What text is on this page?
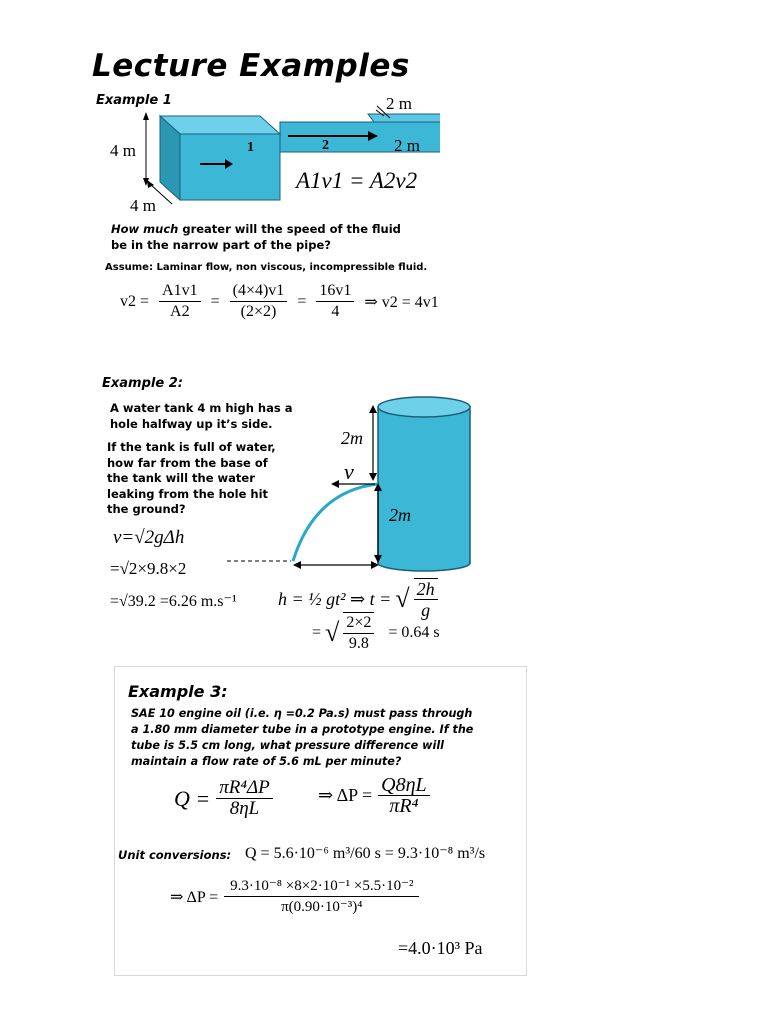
Lecture Examples
Example 1	2 m
2 m
4 m
4 m
1	2
A1v1 = A2v2
How much greater will the speed of the fluid
be in the narrow part of the pipe?
Assume: Laminar flow, non viscous, incompressible fluid.
$v2 = \frac{A1v1}{A2} = \frac{(4\times 4)v1}{(2\times 2)} = \frac{16v1}{4}$ ⇒ v2 = 4v1
Example 2:
A water tank 4 m high has a
hole halfway up it’s side.
If the tank is full of water,
how far from the base of
the tank will the water
leaking from the hole hit
the ground?
2m
v
2m
v=√2gΔh
=√2×9.8×2
=√39.2 =6.26 m.s⁻¹ h = ½ gt² ⇒ t = √ $\frac{2h}{g}$
= √ $\frac{2\times 2}{9.8} = 0.64$ s
Example 3:
SAE 10 engine oil (i.e. η =0.2 Pa.s) must pass through
a 1.80 mm diameter tube in a prototype engine. If the
tube is 5.5 cm long, what pressure difference will
maintain a flow rate of 5.6 mL per minute?
$Q = \frac{\text{πR⁴ΔP}}{8\eta L}$	⇒ $\Delta P = \frac{Q8\eta L}{\text{πR⁴}}$
Unit conversions: Q = 5.6·10⁻⁶ m³/60 s = 9.3·10⁻⁸ m³/s
⇒ $\Delta P = \frac{\text{9.3·10⁻⁸ ×8×2·10⁻¹ ×5.5·10⁻²}}{\text{π(0.90·10⁻³)⁴}}$
=4.0·10³ Pa
